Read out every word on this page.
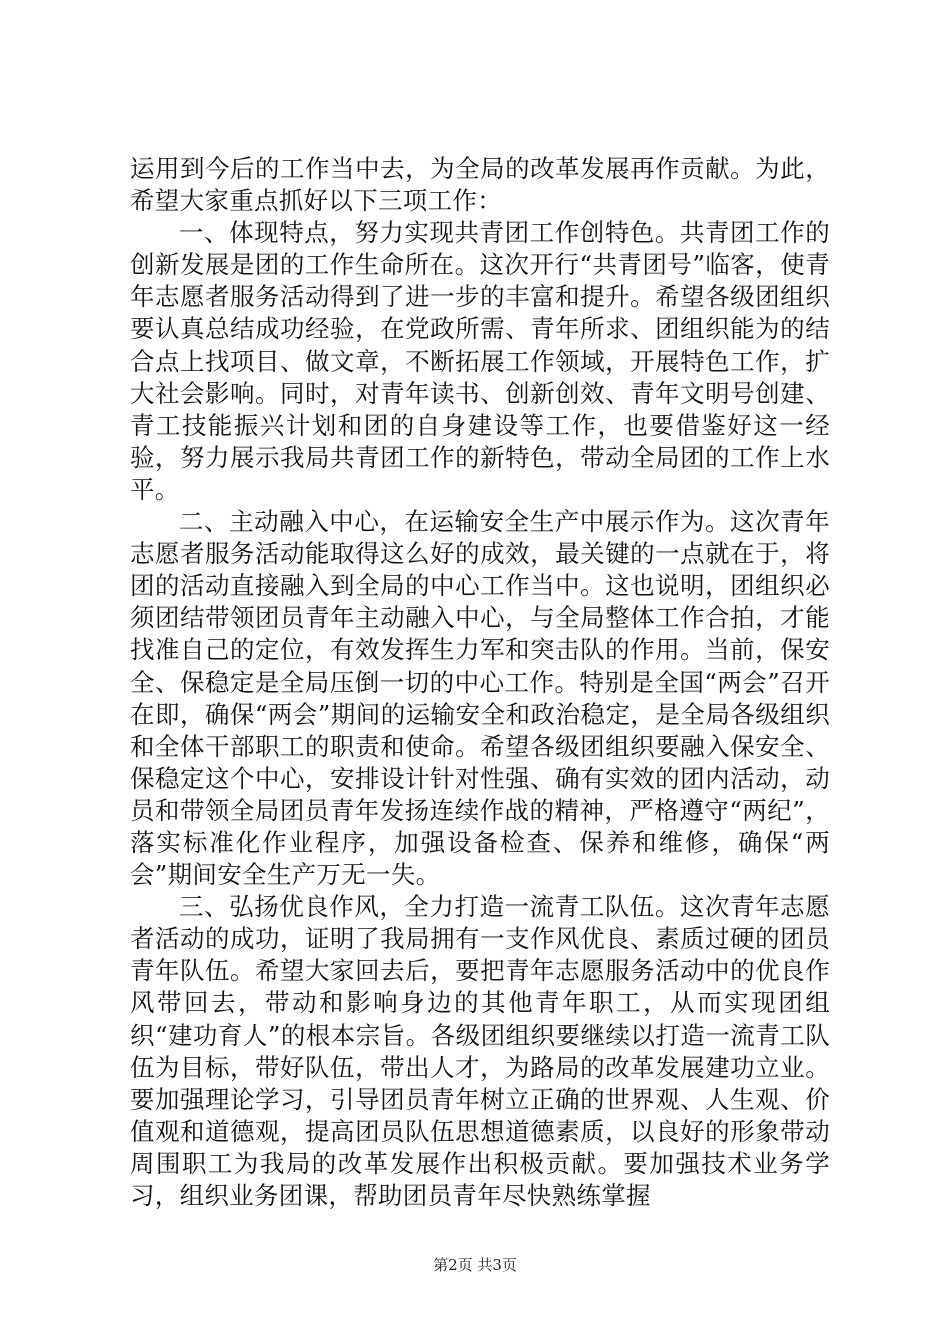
运用到今后的工作当中去，为全局的改革发展再作贡献。为此，希望大家重点抓好以下三项工作：

一、体现特点，努力实现共青团工作创特色。共青团工作的创新发展是团的工作生命所在。这次开行“共青团号”临客，使青年志愿者服务活动得到了进一步的丰富和提升。希望各级团组织要认真总结成功经验，在党政所需、青年所求、团组织能为的结合点上找项目、做文章，不断拓展工作领域，开展特色工作，扩大社会影响。同时，对青年读书、创新创效、青年文明号创建、青工技能振兴计划和团的自身建设等工作，也要借鉴好这一经验，努力展示我局共青团工作的新特色，带动全局团的工作上水平。

二、主动融入中心，在运输安全生产中展示作为。这次青年志愿者服务活动能取得这么好的成效，最关键的一点就在于，将团的活动直接融入到全局的中心工作当中。这也说明，团组织必须团结带领团员青年主动融入中心，与全局整体工作合拍，才能找准自己的定位，有效发挥生力军和突击队的作用。当前，保安全、保稳定是全局压倒一切的中心工作。特别是全国“两会”召开在即，确保“两会”期间的运输安全和政治稳定，是全局各级组织和全体干部职工的职责和使命。希望各级团组织要融入保安全、保稳定这个中心，安排设计针对性强、确有实效的团内活动，动员和带领全局团员青年发扬连续作战的精神，严格遵守“两纪”，落实标准化作业程序，加强设备检查、保养和维修，确保“两会”期间安全生产万无一失。

三、弘扬优良作风，全力打造一流青工队伍。这次青年志愿者活动的成功，证明了我局拥有一支作风优良、素质过硬的团员青年队伍。希望大家回去后，要把青年志愿服务活动中的优良作风带回去，带动和影响身边的其他青年职工，从而实现团组织“建功育人”的根本宗旨。各级团组织要继续以打造一流青工队伍为目标，带好队伍，带出人才，为路局的改革发展建功立业。要加强理论学习，引导团员青年树立正确的世界观、人生观、价值观和道德观，提高团员队伍思想道德素质，以良好的形象带动周围职工为我局的改革发展作出积极贡献。要加强技术业务学习，组织业务团课，帮助团员青年尽快熟练掌握

第2页 共3页
